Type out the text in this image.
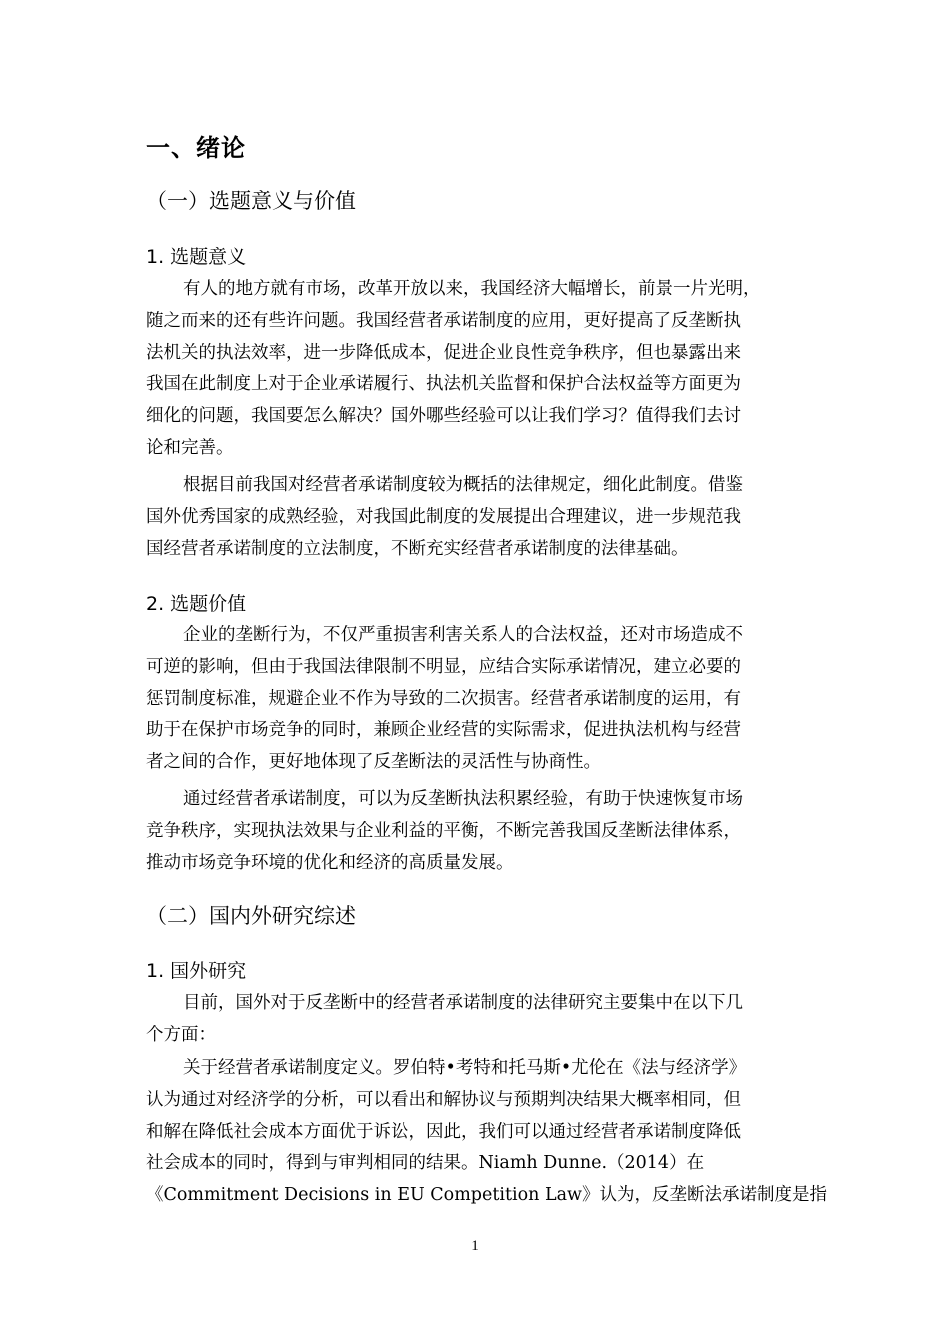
一、绪论
（一）选题意义与价值
1. 选题意义
有人的地方就有市场，改革开放以来，我国经济大幅增长，前景一片光明，
随之而来的还有些许问题。我国经营者承诺制度的应用，更好提高了反垄断执
法机关的执法效率，进一步降低成本，促进企业良性竞争秩序，但也暴露出来
我国在此制度上对于企业承诺履行、执法机关监督和保护合法权益等方面更为
细化的问题，我国要怎么解决？国外哪些经验可以让我们学习？值得我们去讨
论和完善。
根据目前我国对经营者承诺制度较为概括的法律规定，细化此制度。借鉴
国外优秀国家的成熟经验，对我国此制度的发展提出合理建议，进一步规范我
国经营者承诺制度的立法制度，不断充实经营者承诺制度的法律基础。
2. 选题价值
企业的垄断行为，不仅严重损害利害关系人的合法权益，还对市场造成不
可逆的影响，但由于我国法律限制不明显，应结合实际承诺情况，建立必要的
惩罚制度标准，规避企业不作为导致的二次损害。经营者承诺制度的运用，有
助于在保护市场竞争的同时，兼顾企业经营的实际需求，促进执法机构与经营
者之间的合作，更好地体现了反垄断法的灵活性与协商性。
通过经营者承诺制度，可以为反垄断执法积累经验，有助于快速恢复市场
竞争秩序，实现执法效果与企业利益的平衡，不断完善我国反垄断法律体系，
推动市场竞争环境的优化和经济的高质量发展。
（二）国内外研究综述
1. 国外研究
目前，国外对于反垄断中的经营者承诺制度的法律研究主要集中在以下几
个方面：
关于经营者承诺制度定义。罗伯特•考特和托马斯•尤伦在《法与经济学》
认为通过对经济学的分析，可以看出和解协议与预期判决结果大概率相同，但
和解在降低社会成本方面优于诉讼，因此，我们可以通过经营者承诺制度降低
社会成本的同时，得到与审判相同的结果。Niamh Dunne.（2014）在
《Commitment Decisions in EU Competition Law》认为，反垄断法承诺制度是指
1
